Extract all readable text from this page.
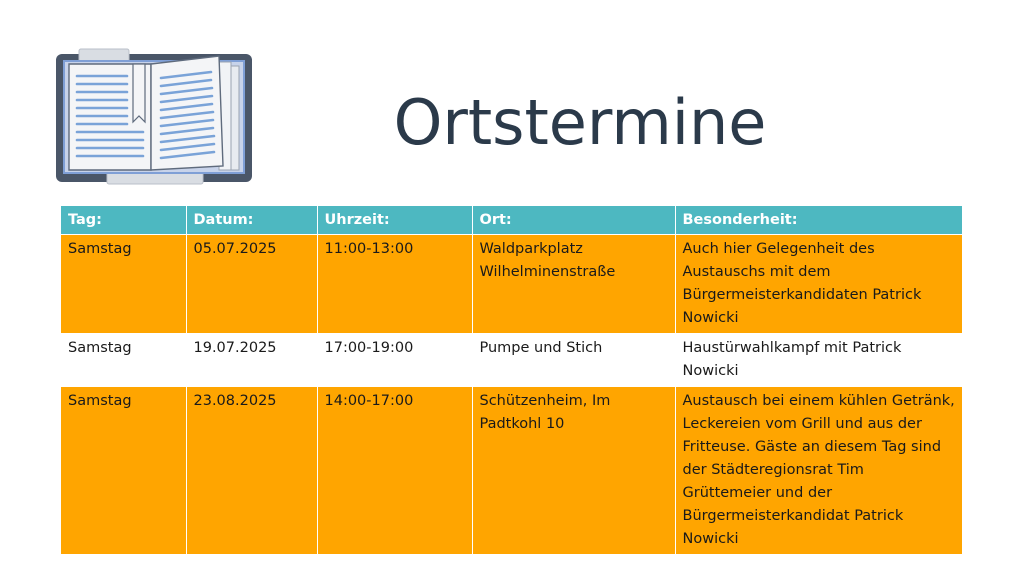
Ortstermine
Tag:	Datum:	Uhrzeit:	Ort:	Besonderheit:
Samstag	05.07.2025	11:00-13:00	Waldparkplatz Wilhelminenstraße	Auch hier Gelegenheit des Austauschs mit dem Bürgermeisterkandidaten Patrick Nowicki
Samstag	19.07.2025	17:00-19:00	Pumpe und Stich	Haustürwahlkampf mit Patrick Nowicki
Samstag	23.08.2025	14:00-17:00	Schützenheim, Im Padtkohl 10	Austausch bei einem kühlen Getränk, Leckereien vom Grill und aus der Fritteuse. Gäste an diesem Tag sind der Städteregionsrat Tim Grüttemeier und der Bürgermeisterkandidat Patrick Nowicki
